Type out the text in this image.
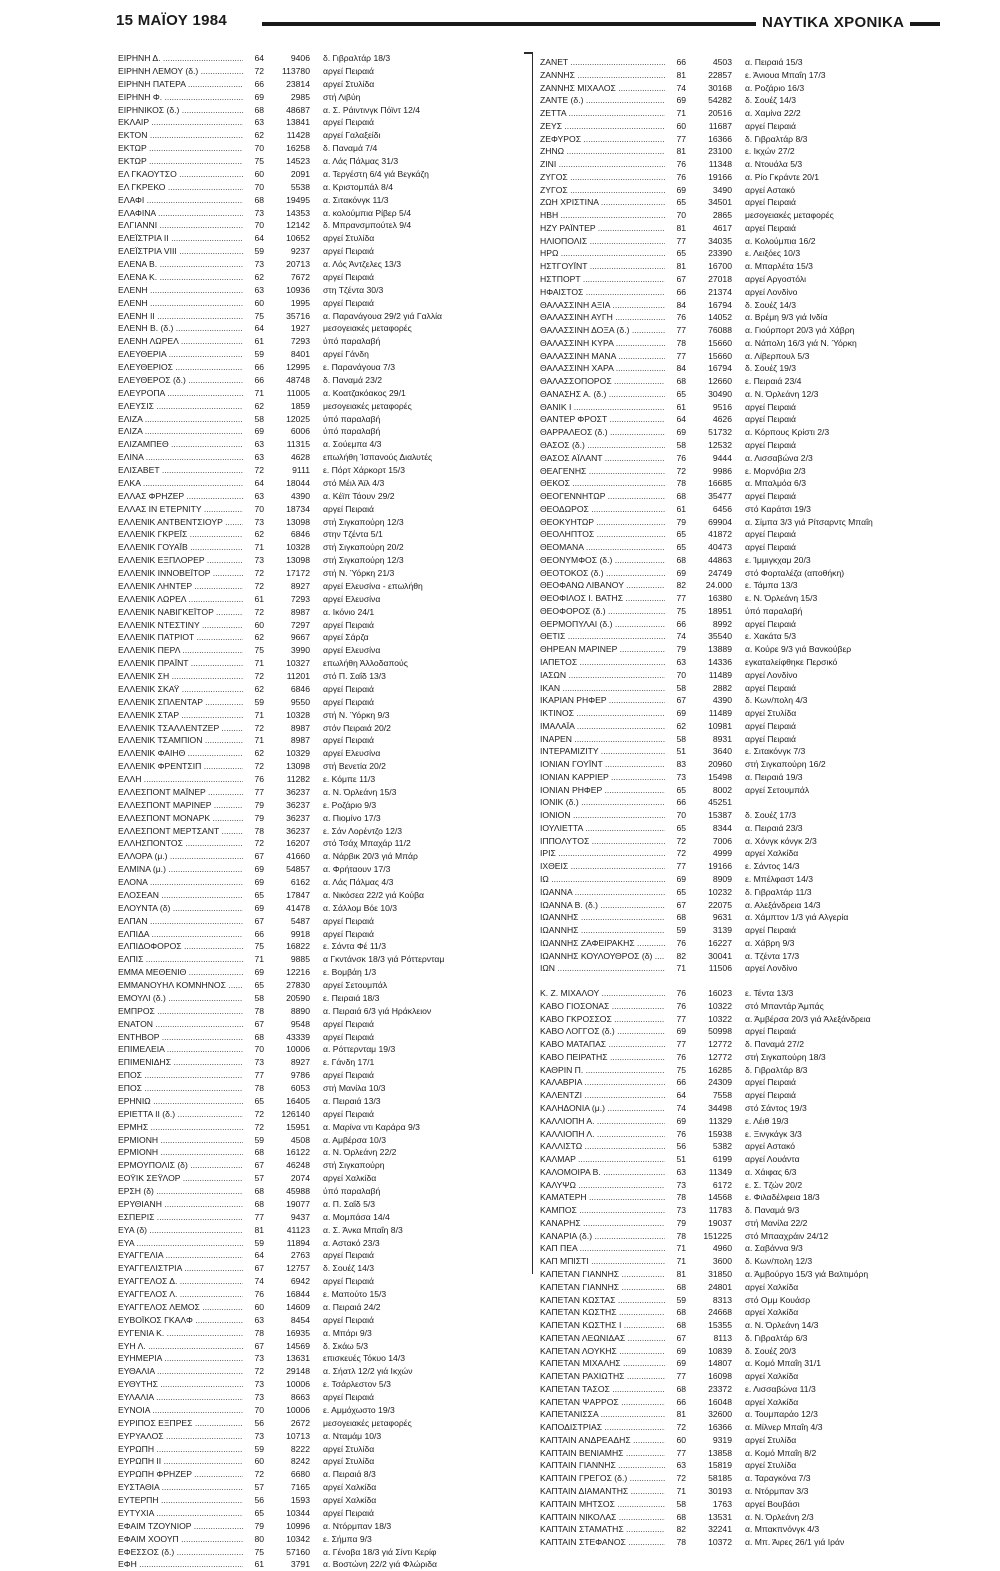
15 ΜΑΪΟΥ 1984	ΝΑΥΤΙΚΑ ΧΡΟΝΙΚΑ
ΕΙΡΗΝΗ Δ. .....	64	9406 δ. Γιβραλτάρ 18/3
ΕΙΡΗΝΗ ΛΕΜΟΥ (δ.) .....	72	113780 αργεί Πειραιά
ΕΙΡΗΝΗ ΠΑΤΕΡΑ .....	66	23814 αργεί Στυλίδα
ΕΙΡΗΝΗ Φ. .....	69	2985 στή Λιβύη
ΕΙΡΗΝΙΚΟΣ (δ.) .....	68	48687 α. Σ. Ράιντινγκ Πόϊντ 12/4
ΕΚΛΑΙΡ .....	63	13841 αργεί Πειραιά
ΕΚΤΟΝ .....	62	11428 αργεί Γαλαξείδι
ΕΚΤΩΡ .....	70	16258 δ. Παναμά 7/4
ΕΚΤΩΡ .....	75	14523 α. Λάς Πάλμας 31/3
ΕΛ ΓΚΑΟΥΤΣΟ .....	60	2091 α. Τεργέστη 6/4 γιά Βεγκάζη
ΕΛ ΓΚΡΕΚΟ .....	70	5538 α. Κριστομπάλ 8/4
ΕΛΑΦΙ .....	68	19495 α. Σιτακόνγκ 11/3
ΕΛΑΦΙΝΑ .....	73	14353 α. κολούμπια Ρίβερ 5/4
ΕΛΓΙΑΝΝΙ .....	70	12142 δ. Μπρανσμπούτελ 9/4
ΕΛΕΪΣΤΡΙΑ ΙΙ .....	64	10652 αργεί Στυλίδα
ΕΛΕΪΣΤΡΙΑ VIII .....	59	9237 αργεί Πειραιά
ΕΛΕΝΑ Β. .....	73	20713 α. Λός Άντζελες 13/3
ΕΛΕΝΑ Κ. .....	62	7672 αργεί Πειραιά
ΕΛΕΝΗ .....	63	10936 στη Τζέντα 30/3
ΕΛΕΝΗ .....	60	1995 αργεί Πειραιά
ΕΛΕΝΗ ΙΙ .....	75	35716 α. Παρανάγουα 29/2 γιά Γαλλία
ΕΛΕΝΗ Β. (δ.) .....	64	1927 μεσογειακές μεταφορές
ΕΛΕΝΗ ΛΩΡΕΛ .....	61	7293 ύπό παραλαβή
ΕΛΕΥΘΕΡΙΑ .....	59	8401 αργεί Γάνδη
ΕΛΕΥΘΕΡΙΟΣ .....	66	12995 ε. Παρανάγουα 7/3
ΕΛΕΥΘΕΡΟΣ (δ.) .....	66	48748 δ. Παναμά 23/2
ΕΛΕΥΡΟΠΑ .....	71	11005 α. Κοατζακόακος 29/1
ΕΛΕΥΣΙΣ .....	62	1859 μεσογειακές μεταφορές
ΕΛΙΖΑ .....	58	12025 ύπό παραλαβή
ΕΛΙΖΑ .....	69	6006 ύπό παραλαβή
ΕΛΙΖΑΜΠΕΘ .....	63	11315 α. Σούεμπα 4/3
ΕΛΙΝΑ .....	63	4628 επωλήθη Ίσπανούς Διαλυτές
ΕΛΙΣΑΒΕΤ .....	72	9111 ε. Πόρτ Χάρκορτ 15/3
ΕΛΚΑ .....	64	18044 στό Μέιλ Άϊλ 4/3
ΕΛΛΑΣ ΦΡΗΖΕΡ .....	63	4390 α. Κέϊπ Τάουν 29/2
ΕΛΛΑΣ ΙΝ ΕΤΕΡΝΙΤΥ .....	70	18734 αργεί Πειραιά
ΕΛΛΕΝΙΚ ΑΝΤΒΕΝΤΣΙΟΥΡ .....	73	13098 στή Σιγκαπούρη 12/3
ΕΛΛΕΝΙΚ ΓΚΡΕΪΣ .....	62	6846 στην Τζέντα 5/1
ΕΛΛΕΝΙΚ ΓΟΥΑΪΒ .....	71	10328 στή Σιγκαπούρη 20/2
ΕΛΛΕΝΙΚ ΕΞΠΛΟΡΕΡ .....	73	13098 στή Σιγκαπούρη 12/3
ΕΛΛΕΝΙΚ ΙΝΝΟΒΕΪΤΟΡ .....	72	17172 στή Ν. Ύόρκη 21/3
ΕΛΛΕΝΙΚ ΛΗΝΤΕΡ .....	72	8927 αργεί Ελευσίνα - επωλήθη
ΕΛΛΕΝΙΚ ΛΩΡΕΛ .....	61	7293 αργεί Ελευσίνα
ΕΛΛΕΝΙΚ ΝΑΒΙΓΚΕΪΤΟΡ .....	72	8987 α. Ικόνιο 24/1
ΕΛΛΕΝΙΚ ΝΤΕΣΤΙΝΥ .....	60	7297 αργεί Πειραιά
ΕΛΛΕΝΙΚ ΠΑΤΡΙΟΤ .....	62	9667 αργεί Σάρζα
ΕΛΛΕΝΙΚ ΠΕΡΛ .....	75	3990 αργεί Ελευσίνα
ΕΛΛΕΝΙΚ ΠΡΑΪΝΤ .....	71	10327 επωλήθη Άλλοδαπούς
ΕΛΛΕΝΙΚ ΣΗ .....	72	11201 στό Π. Σαΐδ 13/3
ΕΛΛΕΝΙΚ ΣΚΑΫ .....	62	6846 αργεί Πειραιά
ΕΛΛΕΝΙΚ ΣΠΛΕΝΤΑΡ .....	59	9550 αργεί Πειραιά
ΕΛΛΕΝΙΚ ΣΤΑΡ .....	71	10328 στή Ν. Ύόρκη 9/3
ΕΛΛΕΝΙΚ ΤΣΑΛΛΕΝΤΖΕΡ .....	72	8987 στόν Πειραιά 20/2
ΕΛΛΕΝΙΚ ΤΣΑΜΠΙΟΝ .....	71	8987 αργεί Πειραιά
ΕΛΛΕΝΙΚ ΦΑΙΗΘ .....	62	10329 αργεί Ελευσίνα
ΕΛΛΕΝΙΚ ΦΡΕΝΤΣΙΠ .....	72	13098 στή Βενετία 20/2
ΕΛΛΗ .....	76	11282 ε. Κόμπε 11/3
ΕΛΛΕΣΠΟΝΤ ΜΑΪΝΕΡ .....	77	36237 α. Ν. Όρλεάνη 15/3
ΕΛΛΕΣΠΟΝΤ ΜΑΡΙΝΕΡ .....	79	36237 ε. Ροζάριο 9/3
ΕΛΛΕΣΠΟΝΤ ΜΟΝΑΡΚ .....	79	36237 α. Πιομίνο 17/3
ΕΛΛΕΣΠΟΝΤ ΜΕΡΤΣΑΝΤ .....	78	36237 ε. Σάν Λορέντζο 12/3
ΕΛΛΗΣΠΟΝΤΟΣ .....	72	16207 στό Τσάχ Μπαχάρ 11/2
ΕΛΛΟΡΑ (μ.) .....	67	41660 α. Νάρβικ 20/3 γιά Μπάρ
ΕΛΜΙΝΑ (μ.) .....	69	54857 α. Φρήταουν 17/3
ΕΛΟΝΑ .....	69	6162 α. Λάς Πάλμας 4/3
ΕΛΟΣΕΑΝ .....	65	17847 α. Νικόσεα 22/2 γιά Κούβα
ΕΛΟΥΝΤΑ (δ) .....	69	41478 α. Σάλλομ Βόε 10/3
ΕΛΠΑΝ .....	67	5487 αργεί Πειραιά
ΕΛΠΙΔΑ .....	66	9918 αργεί Πειραιά
ΕΛΠΙΔΟΦΟΡΟΣ .....	75	16822 ε. Σάντα Φέ 11/3
ΕΛΠΙΣ .....	71	9885 α Γκντάνσκ 18/3 γιά Ρόττερνταμ
ΕΜΜΑ ΜΕΘΕΝΙΘ .....	69	12216 ε. Βομβάη 1/3
ΕΜΜΑΝΟΥΗΛ ΚΟΜΝΗΝΟΣ .....	65	27830 αργεί Σετουμπάλ
ΕΜΟΥΛΙ (δ.) .....	58	20590 ε. Πειραιά 18/3
ΕΜΠΡΟΣ .....	78	8890 α. Πειραιά 6/3 γιά Ηράκλειον
ΕΝΑΤΟΝ .....	67	9548 αργεί Πειραιά
ΕΝΤΗΒΟΡ .....	68	43339 αργεί Πειραιά
ΕΠΙΜΕΛΕΙΑ .....	70	10006 α. Ρόττερνταμ 19/3
ΕΠΙΜΕΝΙΔΗΣ .....	73	8927 ε. Γάνδη 17/1
ΕΠΟΣ .....	77	9786 αργεί Πειραιά
ΕΠΟΣ .....	78	6053 στή Μανίλα 10/3
ΕΡΗΝΙΩ .....	65	16405 α. Πειραιά 13/3
ΕΡΙΕΤΤΑ ΙΙ (δ.) .....	72	126140 αργεί Πειραιά
ΕΡΜΗΣ .....	72	15951 α. Μαρίνα ντι Καράρα 9/3
ΕΡΜΙΟΝΗ .....	59	4508 α. Αμβέρσα 10/3
ΕΡΜΙΟΝΗ .....	68	16122 α. Ν. Όρλεάνη 22/2
ΕΡΜΟΥΠΟΛΙΣ (δ) .....	67	46248 στή Σιγκαπούρη
ΕΟΫΙΚ ΣΕΫΛΟΡ .....	57	2074 αργεί Χαλκίδα
ΕΡΣΗ (δ) .....	68	45988 ύπό παραλαβή
ΕΡΥΘΙΑΝΗ .....	68	19077 α. Π. Σαΐδ 5/3
ΕΣΠΕΡΙΣ .....	77	9437 α. Μομπάσα 14/4
ΕΥΑ (δ) .....	81	41123 α. Σ. Άνκα Μπαΐη 8/3
ΕΥΑ .....	59	11894 α. Αστακό 23/3
ΕΥΑΓΓΕΛΙΑ .....	64	2763 αργεί Πειραιά
ΕΥΑΓΓΕΛΙΣΤΡΙΑ .....	67	12757 δ. Σουέζ 14/3
ΕΥΑΓΓΕΛΟΣ Δ. .....	74	6942 αργεί Πειραιά
ΕΥΑΓΓΕΛΟΣ Λ. .....	76	16844 ε. Μαπούτο 15/3
ΕΥΑΓΓΕΛΟΣ ΛΕΜΟΣ .....	60	14609 α. Πειραιά 24/2
ΕΥΒΟΪΚΟΣ ΓΚΑΛΦ .....	63	8454 αργεί Πειραιά
ΕΥΓΕΝΙΑ Κ. .....	78	16935 α. Μπάρι 9/3
ΕΥΗ Λ. .....	67	14569 δ. Σκάω 5/3
ΕΥΗΜΕΡΙΑ .....	73	13631 επισκευές Τόκυο 14/3
ΕΥΘΑΛΙΑ .....	72	29148 α. Σήατλ 12/2 γιά Ικχών
ΕΥΘΥΤΗΣ .....	73	10006 ε. Τσάρλεστον 5/3
ΕΥΛΑΛΙΑ .....	73	8663 αργεί Πειραιά
ΕΥΝΟΙΑ .....	70	10006 ε. Αμμόχωστο 19/3
ΕΥΡΙΠΟΣ ΕΞΠΡΕΣ .....	56	2672 μεσογειακές μεταφορές
ΕΥΡΥΑΛΟΣ .....	73	10713 α. Νταμάμ 10/3
ΕΥΡΩΠΗ .....	59	8222 αργεί Στυλίδα
ΕΥΡΩΠΗ ΙΙ .....	60	8242 αργεί Στυλίδα
ΕΥΡΩΠΗ ΦΡΗΖΕΡ .....	72	6680 α. Πειραιά 8/3
ΕΥΣΤΑΘΙΑ .....	57	7165 αργεί Χαλκίδα
ΕΥΤΕΡΠΗ .....	56	1593 αργεί Χαλκίδα
ΕΥΤΥΧΙΑ .....	65	10344 αργεί Πειραιά
ΕΦΑΙΜ ΤΖΟΥΝΙΟΡ .....	79	10996 α. Ντόρμπαν 18/3
ΕΦΑΙΜ ΧΟΟΥΠ .....	80	10342 ε. Σήμπα 9/3
ΕΦΕΣΣΟΣ (δ.) .....	75	57160 α. Γένοβα 18/3 γιά Σίντι Κερίφ
ΕΦΗ .....	61	3791 α. Βοστώνη 22/2 γιά Φλώριδα
ΖΑΝΕΤ .....	66	4503 α. Πειραιά 15/3
ΖΑΝΝΗΣ .....	81	22857 ε. Άνιουα Μπαΐη 17/3
ΖΑΝΝΗΣ ΜΙΧΑΛΟΣ .....	74	30168 α. Ροζάριο 16/3
ΖΑΝΤΕ (δ.) .....	69	54282 δ. Σουέζ 14/3
ΖΕΤΤΑ .....	71	20516 α. Χαμίνα 22/2
ΖΕΥΣ .....	60	11687 αργεί Πειραιά
ΖΕΦΥΡΟΣ .....	77	16366 δ. Γιβραλτάρ 8/3
ΖΗΝΩ .....	81	23100 ε. Ικχών 27/2
ΖΙΝΙ .....	76	11348 α. Ντουάλα 5/3
ΖΥΓΟΣ .....	76	19166 α. Ρίο Γκράντε 20/1
ΖΥΓΟΣ .....	69	3490 αργεί Αστακό
ΖΩΗ ΧΡΙΣΤΙΝΑ .....	65	34501 αργεί Πειραιά
ΗΒΗ .....	70	2865 μεσογειακές μεταφορές
ΗΖΥ ΡΑΪΝΤΕΡ .....	81	4617 αργεί Πειραιά
ΗΛΙΟΠΟΛΙΣ .....	77	34035 α. Κολούμπια 16/2
ΗΡΩ .....	65	23390 ε. Λειξόες 10/3
ΗΣΤΓΟΥΪΝΤ .....	81	16700 α. Μπαρλέτα 15/3
ΗΣΤΠΟΡΤ .....	67	27018 αργεί Αργοστόλι
ΗΦΑΙΣΤΟΣ .....	66	21374 αργεί Λονδίνο
ΘΑΛΑΣΣΙΝΗ ΑΞΙΑ .....	84	16794 δ. Σουέζ 14/3
ΘΑΛΑΣΣΙΝΗ ΑΥΓΗ .....	76	14052 α. Βρέμη 9/3 γιά Ινδία
ΘΑΛΑΣΣΙΝΗ ΔΟΞΑ (δ.) .....	77	76088 α. Γιούρπορτ 20/3 γιά Χάβρη
ΘΑΛΑΣΣΙΝΗ ΚΥΡΑ .....	78	15660 α. Νάπολη 16/3 γιά Ν. Ύόρκη
ΘΑΛΑΣΣΙΝΗ ΜΑΝΑ .....	77	15660 α. Λίβερπουλ 5/3
ΘΑΛΑΣΣΙΝΗ ΧΑΡΑ .....	84	16794 δ. Σουέζ 19/3
ΘΑΛΑΣΣΟΠΟΡΟΣ .....	68	12660 ε. Πειραιά 23/4
ΘΑΝΑΣΗΣ Α. (δ.) .....	65	30490 α. Ν. Όρλεάνη 12/3
ΘΑΝΙΚ Ι .....	61	9516 αργεί Πειραιά
ΘΑΝΤΕΡ ΦΡΟΣΤ .....	64	4626 αργεί Πειραιά
ΘΑΡΡΑΛΕΟΣ (δ.) .....	69	51732 α. Κόρπους Κρίστι 2/3
ΘΑΣΟΣ (δ.) .....	58	12532 αργεί Πειραιά
ΘΑΣΟΣ ΑΪΛΑΝΤ .....	76	9444 α. Λισσαβώνα 2/3
ΘΕΑΓΕΝΗΣ .....	72	9986 ε. Μορνόβια 2/3
ΘΕΚΟΣ .....	78	16685 α. Μπαλμόα 6/3
ΘΕΟΓΕΝΝΗΤΩΡ .....	68	35477 αργεί Πειραιά
ΘΕΟΔΩΡΟΣ .....	61	6456 στό Καράτσι 19/3
ΘΕΟΚΥΗΤΩΡ .....	79	69904 α. Σίμπα 3/3 γιά Ρίτσαρντς Μπαΐη
ΘΕΟΛΗΠΤΟΣ .....	65	41872 αργεί Πειραιά
ΘΕΟΜΑΝΑ .....	65	40473 αργεί Πειραιά
ΘΕΟΝΥΜΦΟΣ (δ.) .....	68	44863 ε. Ίμμιγκχαμ 20/3
ΘΕΟΤΟΚΟΣ (δ.) .....	69	24749 στό Φορταλέζα (αποθήκη)
ΘΕΟΦΑΝΩ ΛΙΒΑΝΟΥ .....	82	24.000 ε. Τάμπα 13/3
ΘΕΟΦΙΛΟΣ Ι. ΒΑΤΗΣ .....	77	16380 ε. Ν. Όρλεάνη 15/3
ΘΕΟΦΟΡΟΣ (δ.) .....	75	18951 ύπό παραλαβή
ΘΕΡΜΟΠΥΛΑΙ (δ.) .....	66	8992 αργεί Πειραιά
ΘΕΤΙΣ .....	74	35540 ε. Χακάτα 5/3
ΘΗΡΕΑΝ ΜΑΡΙΝΕΡ .....	79	13889 α. Κούρε 9/3 γιά Βανκούβερ
ΙΑΠΕΤΟΣ .....	63	14336 εγκαταλείφθηκε Περσικό
ΙΑΣΩΝ .....	70	11489 αργεί Λονδίνο
ΙΚΑΝ .....	58	2882 αργεί Πειραιά
ΙΚΑΡΙΑΝ ΡΗΦΕΡ .....	67	4390 δ. Κων/πολη 4/3
ΙΚΤΙΝΟΣ .....	69	11489 αργεί Στυλίδα
ΙΜΑΛΑΪΑ .....	62	10981 αργεί Πειραιά
ΙΝΑΡΕΝ .....	58	8931 αργεί Πειραιά
ΙΝΤΕΡΑΜΙΖΙΤΥ .....	51	3640 ε. Σιτακόνγκ 7/3
ΙΟΝΙΑΝ ΓΟΥΪΝΤ .....	83	20960 στή Σιγκαπούρη 16/2
ΙΟΝΙΑΝ ΚΑΡΡΙΕΡ .....	73	15498 α. Πειραιά 19/3
ΙΟΝΙΑΝ ΡΗΦΕΡ .....	65	8002 αργεί Σετουμπάλ
ΙΟΝΙΚ (δ.) .....	66	45251
ΙΟΝΙΟΝ .....	70	15387 δ. Σουέζ 17/3
ΙΟΥΛΙΕΤΤΑ .....	65	8344 α. Πειραιά 23/3
ΙΠΠΟΛΥΤΟΣ .....	72	7006 α. Χόνγκ κόνγκ 2/3
ΙΡΙΣ .....	72	4999 αργεί Χαλκίδα
ΙΧΘΕΙΣ .....	77	19166 ε. Σάντος 14/3
ΙΩ .....	69	8909 ε. Μπέλφαστ 14/3
ΙΩΑΝΝΑ .....	65	10232 δ. Γιβραλτάρ 11/3
ΙΩΑΝΝΑ Β. (δ.) .....	67	22075 α. Αλεξάνδρεια 14/3
ΙΩΑΝΝΗΣ .....	68	9631 α. Χάμπτον 1/3 γιά Αλγερία
ΙΩΑΝΝΗΣ .....	59	3139 αργεί Πειραιά
ΙΩΑΝΝΗΣ ΖΑΦΕΙΡΑΚΗΣ .....	76	16227 α. Χάβρη 9/3
ΙΩΑΝΝΗΣ ΚΟΥΛΟΥΘΡΟΣ (δ) .....	82	30041 α. Τζέντα 17/3
ΙΩΝ .....	71	11506 αργεί Λονδίνο
Κ. Ζ. ΜΙΧΑΛΟΥ .....	76	16023 ε. Τέντα 13/3
ΚΑΒΟ ΓΙΟΣΟΝΑΣ .....	76	10322 στό Μπαντάρ Άμπάς
ΚΑΒΟ ΓΚΡΟΣΣΟΣ .....	77	10322 α. Άμβέρσα 20/3 γιά Άλεξάνδρεια
ΚΑΒΟ ΛΟΓΓΟΣ (δ.) .....	69	50998 αργεί Πειραιά
ΚΑΒΟ ΜΑΤΑΠΑΣ .....	77	12772 δ. Παναμά 27/2
ΚΑΒΟ ΠΕΙΡΑΤΗΣ .....	76	12772 στή Σιγκαπούρη 18/3
ΚΑΘΡΙΝ Π. .....	75	16285 δ. Γιβραλτάρ 8/3
ΚΑΛΑΒΡΙΑ .....	66	24309 αργεί Πειραιά
ΚΑΛΕΝΤΖΙ .....	64	7558 αργεί Πειραιά
ΚΑΛΗΔΟΝΙΑ (μ.) .....	74	34498 στό Σάντος 19/3
ΚΑΛΛΙΟΠΗ Α. .....	69	11329 ε. Λέιθ 19/3
ΚΑΛΛΙΟΠΗ Λ. .....	76	15938 ε. Ξινγκάγκ 3/3
ΚΑΛΛΙΣΤΩ .....	56	5382 αργεί Αστακό
ΚΑΛΜΑΡ .....	51	6199 αργεί Λουάντα
ΚΑΛΟΜΟΙΡΑ Β. .....	63	11349 α. Χάιφας 6/3
ΚΑΛΥΨΩ .....	73	6172 ε. Σ. Τζών 20/2
ΚΑΜΑΤΕΡΗ .....	78	14568 ε. Φιλαδέλφεια 18/3
ΚΑΜΠΟΣ .....	73	11783 δ. Παναμά 9/3
ΚΑΝΑΡΗΣ .....	79	19037 στή Μανίλα 22/2
ΚΑΝΑΡΙΑ (δ.) .....	78	151225 στό Μπααχράιν 24/12
ΚΑΠ ΠΕΑ .....	71	4960 α. Σαβάννα 9/3
ΚΑΠ ΜΠΙΣΤΙ .....	71	3600 δ. Κων/πολη 12/3
ΚΑΠΕΤΑΝ ΓΙΑΝΝΗΣ .....	81	31850 α. Άμβούργο 15/3 γιά Βαλτιμόρη
ΚΑΠΕΤΑΝ ΓΙΑΝΝΗΣ .....	68	24801 αργεί Χαλκίδα
ΚΑΠΕΤΑΝ ΚΩΣΤΑΣ .....	59	8313 στό Ομμ Κουάσρ
ΚΑΠΕΤΑΝ ΚΩΣΤΗΣ .....	68	24668 αργεί Χαλκίδα
ΚΑΠΕΤΑΝ ΚΩΣΤΗΣ Ι .....	68	15355 α. Ν. Όρλεάνη 14/3
ΚΑΠΕΤΑΝ ΛΕΩΝΙΔΑΣ .....	67	8113 δ. Γιβραλτάρ 6/3
ΚΑΠΕΤΑΝ ΛΟΥΚΗΣ .....	69	10839 δ. Σουέζ 20/3
ΚΑΠΕΤΑΝ ΜΙΧΑΛΗΣ .....	69	14807 α. Κομό Μπαΐη 31/1
ΚΑΠΕΤΑΝ ΡΑΧΙΩΤΗΣ .....	77	16098 αργεί Χαλκίδα
ΚΑΠΕΤΑΝ ΤΑΣΟΣ .....	68	23372 ε. Λισσαβώνα 11/3
ΚΑΠΕΤΑΝ ΨΑΡΡΟΣ .....	66	16048 αργεί Χαλκίδα
ΚΑΠΕΤΑΝΙΣΣΑ .....	81	32600 α. Τουμπαράο 12/3
ΚΑΠΟΔΙΣΤΡΙΑΣ .....	72	16366 α. Μίλνερ Μπαΐη 4/3
ΚΑΠΤΑΙΝ ΑΝΔΡΕΑΔΗΣ .....	60	9319 αργεί Στυλίδα
ΚΑΠΤΑΙΝ ΒΕΝΙΑΜΗΣ .....	77	13858 α. Κομό Μπαΐη 8/2
ΚΑΠΤΑΙΝ ΓΙΑΝΝΗΣ .....	63	15819 αργεί Στυλίδα
ΚΑΠΤΑΙΝ ΓΡΕΓΟΣ (δ.) .....	72	58185 α. Ταραγκόνα 7/3
ΚΑΠΤΑΙΝ ΔΙΑΜΑΝΤΗΣ .....	71	30193 α. Ντόρμπαν 3/3
ΚΑΠΤΑΙΝ ΜΗΤΣΟΣ .....	58	1763 αργεί Βουβάσι
ΚΑΠΤΑΙΝ ΝΙΚΟΛΑΣ .....	68	13531 α. Ν. Όρλεάνη 2/3
ΚΑΠΤΑΙΝ ΣΤΑΜΑΤΗΣ .....	82	32241 α. Μπακπνόνγκ 4/3
ΚΑΠΤΑΙΝ ΣΤΕΦΑΝΟΣ .....	78	10372 α. Μπ. Άιρες 26/1 γιά Ιράν
